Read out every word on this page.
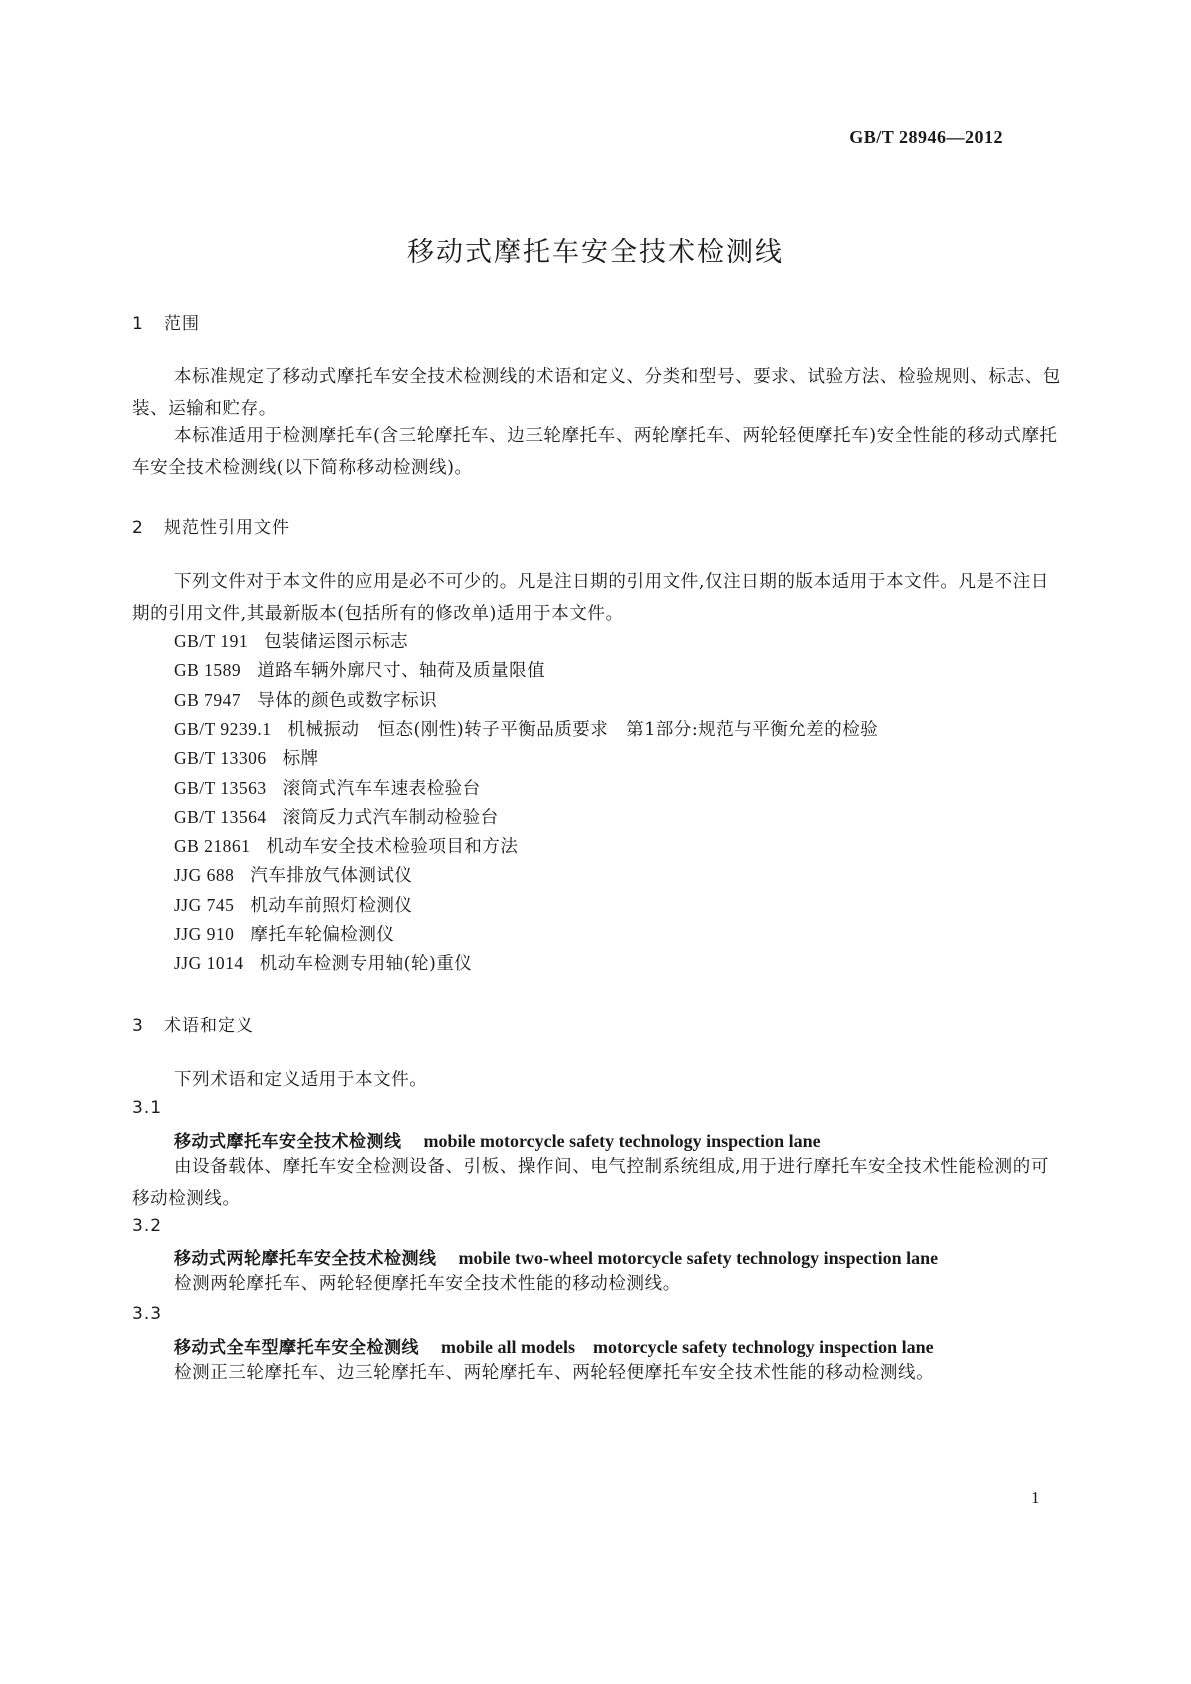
GB/T 28946—2012
移动式摩托车安全技术检测线
1 范围

本标准规定了移动式摩托车安全技术检测线的术语和定义、分类和型号、要求、试验方法、检验规则、标志、包装、运输和贮存。

本标准适用于检测摩托车(含三轮摩托车、边三轮摩托车、两轮摩托车、两轮轻便摩托车)安全性能的移动式摩托车安全技术检测线(以下简称移动检测线)。

2 规范性引用文件

下列文件对于本文件的应用是必不可少的。凡是注日期的引用文件,仅注日期的版本适用于本文件。凡是不注日期的引用文件,其最新版本(包括所有的修改单)适用于本文件。

GB/T 191 包装储运图示标志
GB 1589 道路车辆外廓尺寸、轴荷及质量限值
GB 7947 导体的颜色或数字标识
GB/T 9239.1 机械振动　恒态(刚性)转子平衡品质要求　第1部分:规范与平衡允差的检验
GB/T 13306 标牌
GB/T 13563 滚筒式汽车车速表检验台
GB/T 13564 滚筒反力式汽车制动检验台
GB 21861 机动车安全技术检验项目和方法
JJG 688 汽车排放气体测试仪
JJG 745 机动车前照灯检测仪
JJG 910 摩托车轮偏检测仪
JJG 1014 机动车检测专用轴(轮)重仪
3 术语和定义

下列术语和定义适用于本文件。

3.1
移动式摩托车安全技术检测线 mobile motorcycle safety technology inspection lane

由设备载体、摩托车安全检测设备、引板、操作间、电气控制系统组成,用于进行摩托车安全技术性能检测的可移动检测线。

3.2
移动式两轮摩托车安全技术检测线 mobile two-wheel motorcycle safety technology inspection lane

检测两轮摩托车、两轮轻便摩托车安全技术性能的移动检测线。

3.3
移动式全车型摩托车安全检测线 mobile all models　motorcycle safety technology inspection lane

检测正三轮摩托车、边三轮摩托车、两轮摩托车、两轮轻便摩托车安全技术性能的移动检测线。

1
